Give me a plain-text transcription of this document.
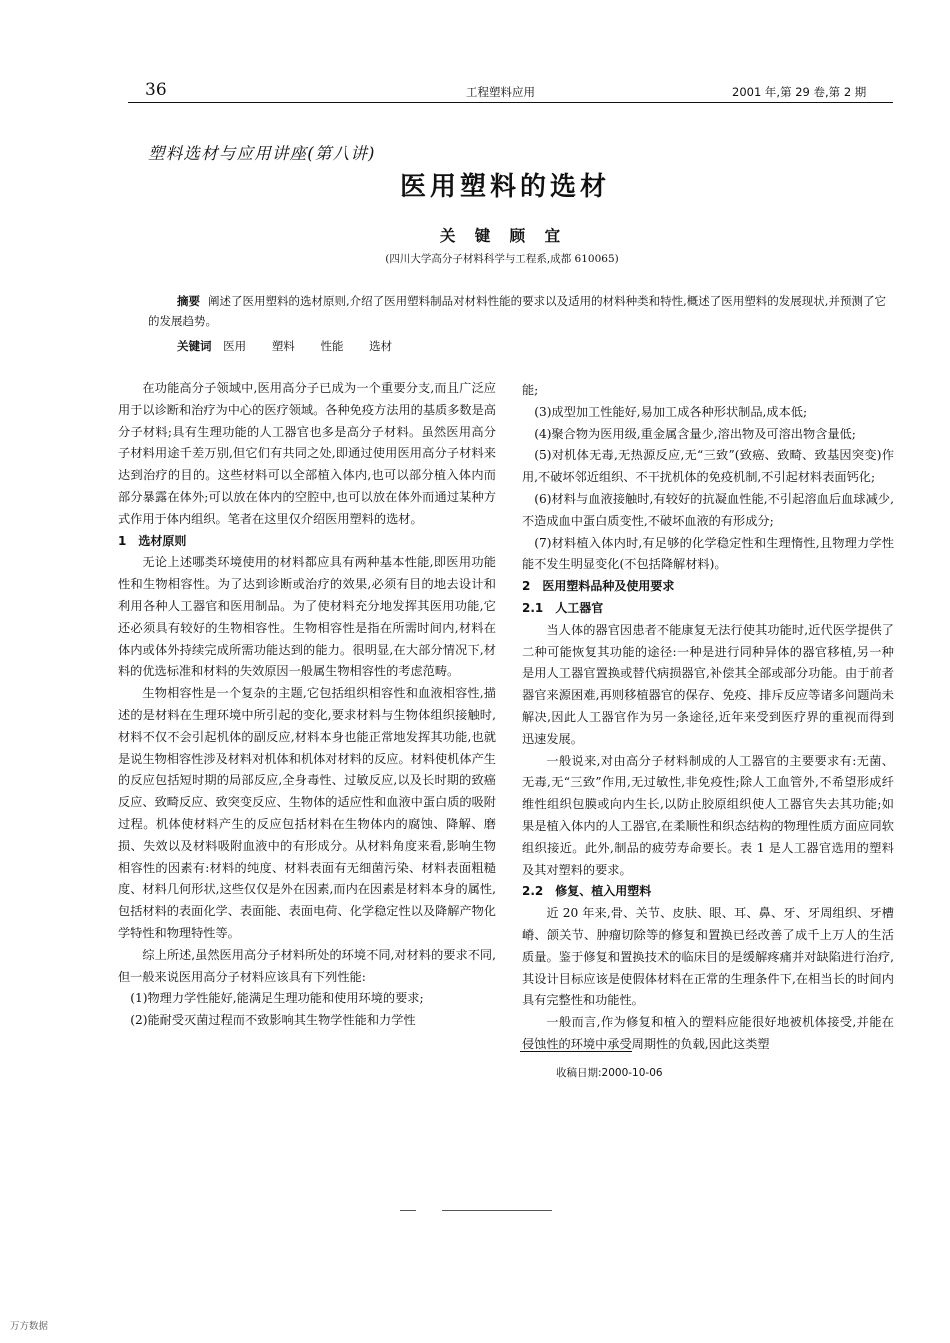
36	工程塑料应用	2001 年,第 29 卷,第 2 期
塑料选材与应用讲座(第八讲)
医用塑料的选材
关 键 顾 宜
(四川大学高分子材料科学与工程系,成都 610065)
摘要 阐述了医用塑料的选材原则,介绍了医用塑料制品对材料性能的要求以及适用的材料种类和特性,概述了医用塑料的发展现状,并预测了它的发展趋势。
关键词 医用 塑料 性能 选材

在功能高分子领域中,医用高分子已成为一个重要分支,而且广泛应用于以诊断和治疗为中心的医疗领域。各种免疫方法用的基质多数是高分子材料;具有生理功能的人工器官也多是高分子材料。虽然医用高分子材料用途千差万别,但它们有共同之处,即通过使用医用高分子材料来达到治疗的目的。这些材料可以全部植入体内,也可以部分植入体内而部分暴露在体外;可以放在体内的空腔中,也可以放在体外而通过某种方式作用于体内组织。笔者在这里仅介绍医用塑料的选材。

1 选材原则

无论上述哪类环境使用的材料都应具有两种基本性能,即医用功能性和生物相容性。为了达到诊断或治疗的效果,必须有目的地去设计和利用各种人工器官和医用制品。为了使材料充分地发挥其医用功能,它还必须具有较好的生物相容性。生物相容性是指在所需时间内,材料在体内或体外持续完成所需功能达到的能力。很明显,在大部分情况下,材料的优选标准和材料的失效原因一般属生物相容性的考虑范畴。

生物相容性是一个复杂的主题,它包括组织相容性和血液相容性,描述的是材料在生理环境中所引起的变化,要求材料与生物体组织接触时,材料不仅不会引起机体的副反应,材料本身也能正常地发挥其功能,也就是说生物相容性涉及材料对机体和机体对材料的反应。材料使机体产生的反应包括短时期的局部反应,全身毒性、过敏反应,以及长时期的致癌反应、致畸反应、致突变反应、生物体的适应性和血液中蛋白质的吸附过程。机体使材料产生的反应包括材料在生物体内的腐蚀、降解、磨损、失效以及材料吸附血液中的有形成分。从材料角度来看,影响生物相容性的因素有:材料的纯度、材料表面有无细菌污染、材料表面粗糙度、材料几何形状,这些仅仅是外在因素,而内在因素是材料本身的属性,包括材料的表面化学、表面能、表面电荷、化学稳定性以及降解产物化学特性和物理特性等。

综上所述,虽然医用高分子材料所处的环境不同,对材料的要求不同,但一般来说医用高分子材料应该具有下列性能:

(1)物理力学性能好,能满足生理功能和使用环境的要求;

(2)能耐受灭菌过程而不致影响其生物学性能和力学性

能;

(3)成型加工性能好,易加工成各种形状制品,成本低;

(4)聚合物为医用级,重金属含量少,溶出物及可溶出物含量低;

(5)对机体无毒,无热源反应,无“三致”(致癌、致畸、致基因突变)作用,不破坏邻近组织、不干扰机体的免疫机制,不引起材料表面钙化;

(6)材料与血液接触时,有较好的抗凝血性能,不引起溶血后血球减少,不造成血中蛋白质变性,不破坏血液的有形成分;

(7)材料植入体内时,有足够的化学稳定性和生理惰性,且物理力学性能不发生明显变化(不包括降解材料)。

2 医用塑料品种及使用要求
2.1 人工器官

当人体的器官因患者不能康复无法行使其功能时,近代医学提供了二种可能恢复其功能的途径:一种是进行同种异体的器官移植,另一种是用人工器官置换或替代病损器官,补偿其全部或部分功能。由于前者器官来源困难,再则移植器官的保存、免疫、排斥反应等诸多问题尚未解决,因此人工器官作为另一条途径,近年来受到医疗界的重视而得到迅速发展。

一般说来,对由高分子材料制成的人工器官的主要要求有:无菌、无毒,无“三致”作用,无过敏性,非免疫性;除人工血管外,不希望形成纤维性组织包膜或向内生长,以防止胶原组织使人工器官失去其功能;如果是植入体内的人工器官,在柔顺性和织态结构的物理性质方面应同软组织接近。此外,制品的疲劳寿命要长。表 1 是人工器官选用的塑料及其对塑料的要求。

2.2 修复、植入用塑料

近 20 年来,骨、关节、皮肤、眼、耳、鼻、牙、牙周组织、牙槽嵴、颌关节、肿瘤切除等的修复和置换已经改善了成千上万人的生活质量。鉴于修复和置换技术的临床目的是缓解疼痛并对缺陷进行治疗,其设计目标应该是使假体材料在正常的生理条件下,在相当长的时间内具有完整性和功能性。

一般而言,作为修复和植入的塑料应能很好地被机体接受,并能在侵蚀性的环境中承受周期性的负载,因此这类塑

收稿日期:2000-10-06
万方数据
